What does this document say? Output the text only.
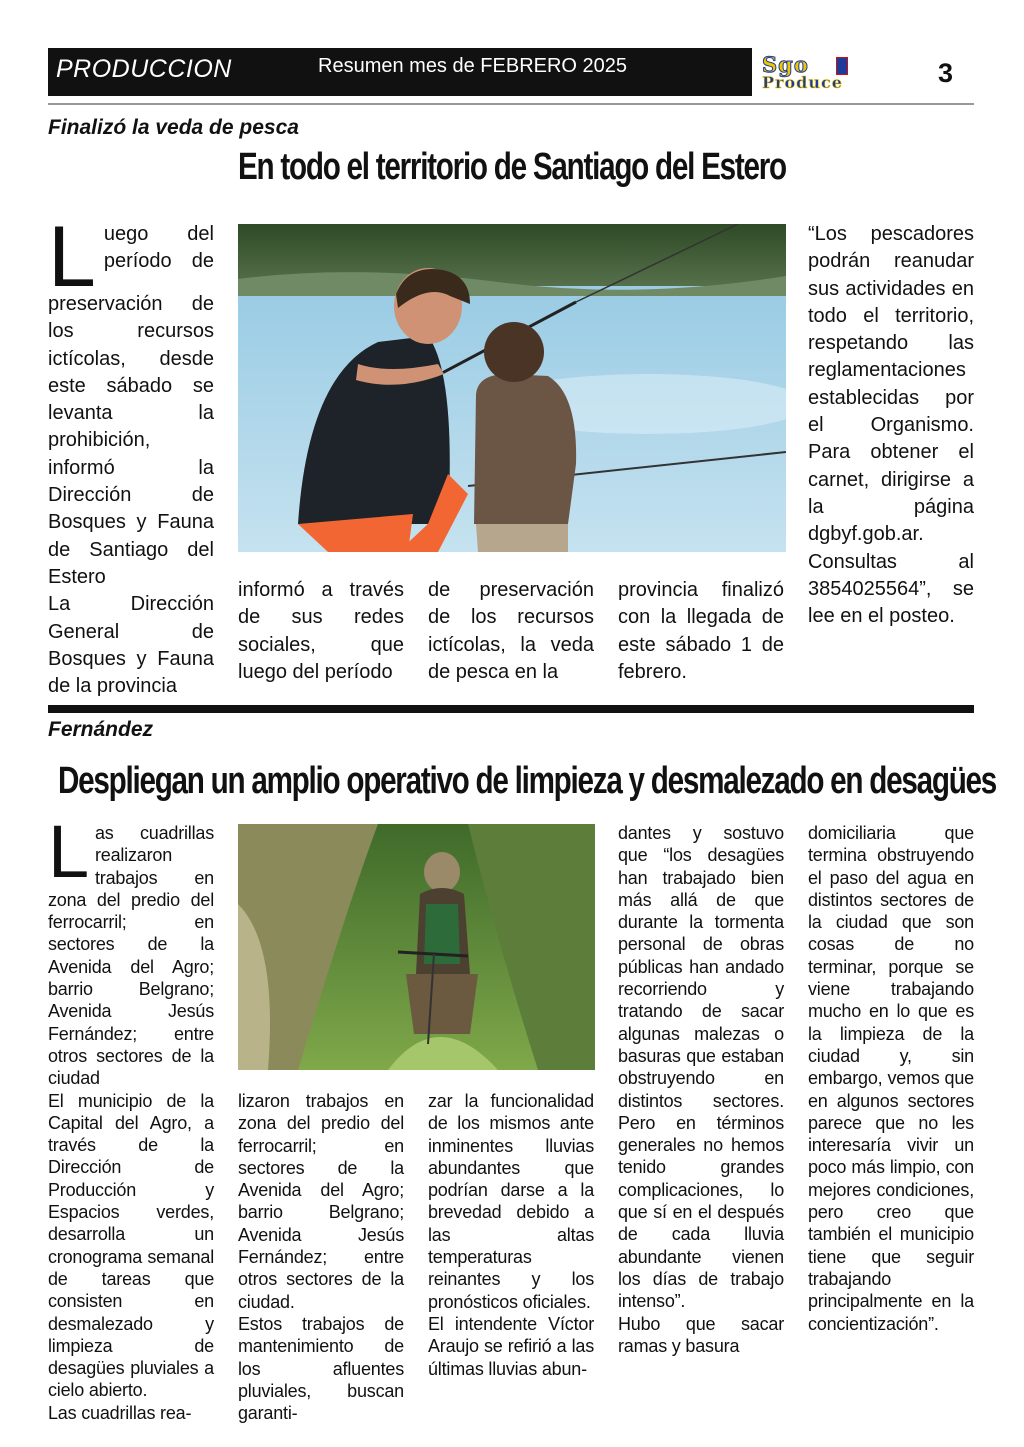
PRODUCCION	Resumen mes de FEBRERO 2025	Sgo
Produce	3
Finalizó la veda de pesca
En todo el territorio de Santiago del Estero
Luego del período de preservación de los recursos ictícolas, desde este sábado se levanta la prohibición, informó la Dirección de Bosques y Fauna de Santiago del Estero
La Dirección General de Bosques y Fauna de la provincia
informó a través de sus redes sociales, que luego del período
de preservación de los recursos ictícolas, la veda de pesca en la
provincia finalizó con la llegada de este sábado 1 de febrero.
“Los pescadores podrán reanudar sus actividades en todo el territorio, respetando las reglamentaciones establecidas por el Organismo. Para obtener el carnet, dirigirse a la página dgbyf.gob.ar. Consultas al 3854025564”, se lee en el posteo.
Fernández
Despliegan un amplio operativo de limpieza y desmalezado en desagües
Las cuadrillas realizaron trabajos en zona del predio del ferrocarril; en sectores de la Avenida del Agro; barrio Belgrano; Avenida Jesús Fernández; entre otros sectores de la ciudad
El municipio de la Capital del Agro, a través de la Dirección de Producción y Espacios verdes, desarrolla un cronograma semanal de tareas que consisten en desmalezado y limpieza de desagües pluviales a cielo abierto.
Las cuadrillas rea-
lizaron trabajos en zona del predio del ferrocarril; en sectores de la Avenida del Agro; barrio Belgrano; Avenida Jesús Fernández; entre otros sectores de la ciudad.
Estos trabajos de mantenimiento de los afluentes pluviales, buscan garanti-
zar la funcionalidad de los mismos ante inminentes lluvias abundantes que podrían darse a la brevedad debido a las altas temperaturas reinantes y los pronósticos oficiales.
El intendente Víctor Araujo se refirió a las últimas lluvias abun-
dantes y sostuvo que “los desagües han trabajado bien más allá de que durante la tormenta personal de obras públicas han andado recorriendo y tratando de sacar algunas malezas o basuras que estaban obstruyendo en distintos sectores. Pero en términos generales no hemos tenido grandes complicaciones, lo que sí en el después de cada lluvia abundante vienen los días de trabajo intenso”.
Hubo que sacar ramas y basura
domiciliaria que termina obstruyendo el paso del agua en distintos sectores de la ciudad que son cosas de no terminar, porque se viene trabajando mucho en lo que es la limpieza de la ciudad y, sin embargo, vemos que en algunos sectores parece que no les interesaría vivir un poco más limpio, con mejores condiciones, pero creo que también el municipio tiene que seguir trabajando principalmente en la concientización”.
